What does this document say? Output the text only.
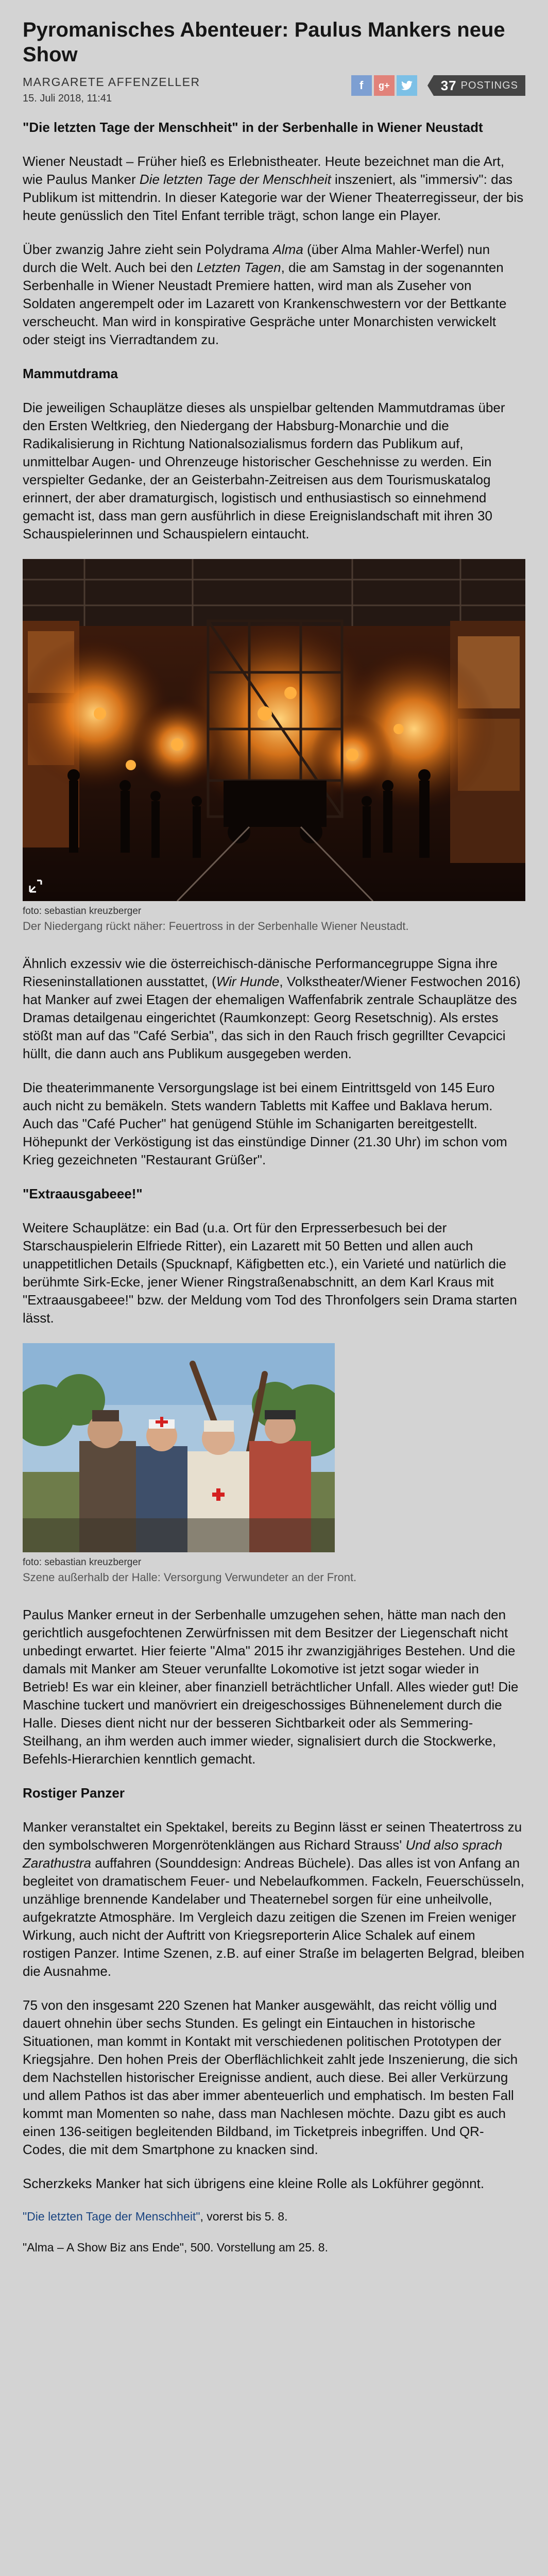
Pyromanisches Abenteuer: Paulus Mankers neue Show
MARGARETE AFFENZELLER
15. Juli 2018, 11:41
f g+	37 POSTINGS

"Die letzten Tage der Menschheit" in der Serbenhalle in Wiener Neustadt

Wiener Neustadt – Früher hieß es Erlebnistheater. Heute bezeichnet man die Art, wie Paulus Manker Die letzten Tage der Menschheit inszeniert, als "immersiv": das Publikum ist mittendrin. In dieser Kategorie war der Wiener Theaterregisseur, der bis heute genüsslich den Titel Enfant terrible trägt, schon lange ein Player.

Über zwanzig Jahre zieht sein Polydrama Alma (über Alma Mahler-Werfel) nun durch die Welt. Auch bei den Letzten Tagen, die am Samstag in der sogenannten Serbenhalle in Wiener Neustadt Premiere hatten, wird man als Zuseher von Soldaten angerempelt oder im Lazarett von Krankenschwestern vor der Bettkante verscheucht. Man wird in konspirative Gespräche unter Monarchisten verwickelt oder steigt ins Vierradtandem zu.

Mammutdrama

Die jeweiligen Schauplätze dieses als unspielbar geltenden Mammutdramas über den Ersten Weltkrieg, den Niedergang der Habsburg-Monarchie und die Radikalisierung in Richtung Nationalsozialismus fordern das Publikum auf, unmittelbar Augen- und Ohrenzeuge historischer Geschehnisse zu werden. Ein verspielter Gedanke, der an Geisterbahn-Zeitreisen aus dem Tourismuskatalog erinnert, der aber dramaturgisch, logistisch und enthusiastisch so einnehmend gemacht ist, dass man gern ausführlich in diese Ereignislandschaft mit ihren 30 Schauspielerinnen und Schauspielern eintaucht.

foto: sebastian kreuzberger
Der Niedergang rückt näher: Feuertross in der Serbenhalle Wiener Neustadt.

Ähnlich exzessiv wie die österreichisch-dänische Performancegruppe Signa ihre Rieseninstallationen ausstattet, (Wir Hunde, Volkstheater/Wiener Festwochen 2016) hat Manker auf zwei Etagen der ehemaligen Waffenfabrik zentrale Schauplätze des Dramas detailgenau eingerichtet (Raumkonzept: Georg Resetschnig). Als erstes stößt man auf das "Café Serbia", das sich in den Rauch frisch gegrillter Cevapcici hüllt, die dann auch ans Publikum ausgegeben werden.

Die theaterimmanente Versorgungslage ist bei einem Eintrittsgeld von 145 Euro auch nicht zu bemäkeln. Stets wandern Tabletts mit Kaffee und Baklava herum. Auch das "Café Pucher" hat genügend Stühle im Schanigarten bereitgestellt. Höhepunkt der Verköstigung ist das einstündige Dinner (21.30 Uhr) im schon vom Krieg gezeichneten "Restaurant Grüßer".

"Extraausgabeee!"

Weitere Schauplätze: ein Bad (u.a. Ort für den Erpresserbesuch bei der Starschauspielerin Elfriede Ritter), ein Lazarett mit 50 Betten und allen auch unappetitlichen Details (Spucknapf, Käfigbetten etc.), ein Varieté und natürlich die berühmte Sirk-Ecke, jener Wiener Ringstraßenabschnitt, an dem Karl Kraus mit "Extraausgabeee!" bzw. der Meldung vom Tod des Thronfolgers sein Drama starten lässt.

foto: sebastian kreuzberger
Szene außerhalb der Halle: Versorgung Verwundeter an der Front.

Paulus Manker erneut in der Serbenhalle umzugehen sehen, hätte man nach den gerichtlich ausgefochtenen Zerwürfnissen mit dem Besitzer der Liegenschaft nicht unbedingt erwartet. Hier feierte "Alma" 2015 ihr zwanzigjähriges Bestehen. Und die damals mit Manker am Steuer verunfallte Lokomotive ist jetzt sogar wieder in Betrieb! Es war ein kleiner, aber finanziell beträchtlicher Unfall. Alles wieder gut! Die Maschine tuckert und manövriert ein dreigeschossiges Bühnenelement durch die Halle. Dieses dient nicht nur der besseren Sichtbarkeit oder als Semmering-Steilhang, an ihm werden auch immer wieder, signalisiert durch die Stockwerke, Befehls-Hierarchien kenntlich gemacht.

Rostiger Panzer

Manker veranstaltet ein Spektakel, bereits zu Beginn lässt er seinen Theatertross zu den symbolschweren Morgenrötenklängen aus Richard Strauss' Und also sprach Zarathustra auffahren (Sounddesign: Andreas Büchele). Das alles ist von Anfang an begleitet von dramatischem Feuer- und Nebelaufkommen. Fackeln, Feuerschüsseln, unzählige brennende Kandelaber und Theaternebel sorgen für eine unheilvolle, aufgekratzte Atmosphäre. Im Vergleich dazu zeitigen die Szenen im Freien weniger Wirkung, auch nicht der Auftritt von Kriegsreporterin Alice Schalek auf einem rostigen Panzer. Intime Szenen, z.B. auf einer Straße im belagerten Belgrad, bleiben die Ausnahme.

75 von den insgesamt 220 Szenen hat Manker ausgewählt, das reicht völlig und dauert ohnehin über sechs Stunden. Es gelingt ein Eintauchen in historische Situationen, man kommt in Kontakt mit verschiedenen politischen Prototypen der Kriegsjahre. Den hohen Preis der Oberflächlichkeit zahlt jede Inszenierung, die sich dem Nachstellen historischer Ereignisse andient, auch diese. Bei aller Verkürzung und allem Pathos ist das aber immer abenteuerlich und emphatisch. Im besten Fall kommt man Momenten so nahe, dass man Nachlesen möchte. Dazu gibt es auch einen 136-seitigen begleitenden Bildband, im Ticketpreis inbegriffen. Und QR-Codes, die mit dem Smartphone zu knacken sind.

Scherzkeks Manker hat sich übrigens eine kleine Rolle als Lokführer gegönnt.

"Die letzten Tage der Menschheit", vorerst bis 5. 8.

"Alma – A Show Biz ans Ende", 500. Vorstellung am 25. 8.
